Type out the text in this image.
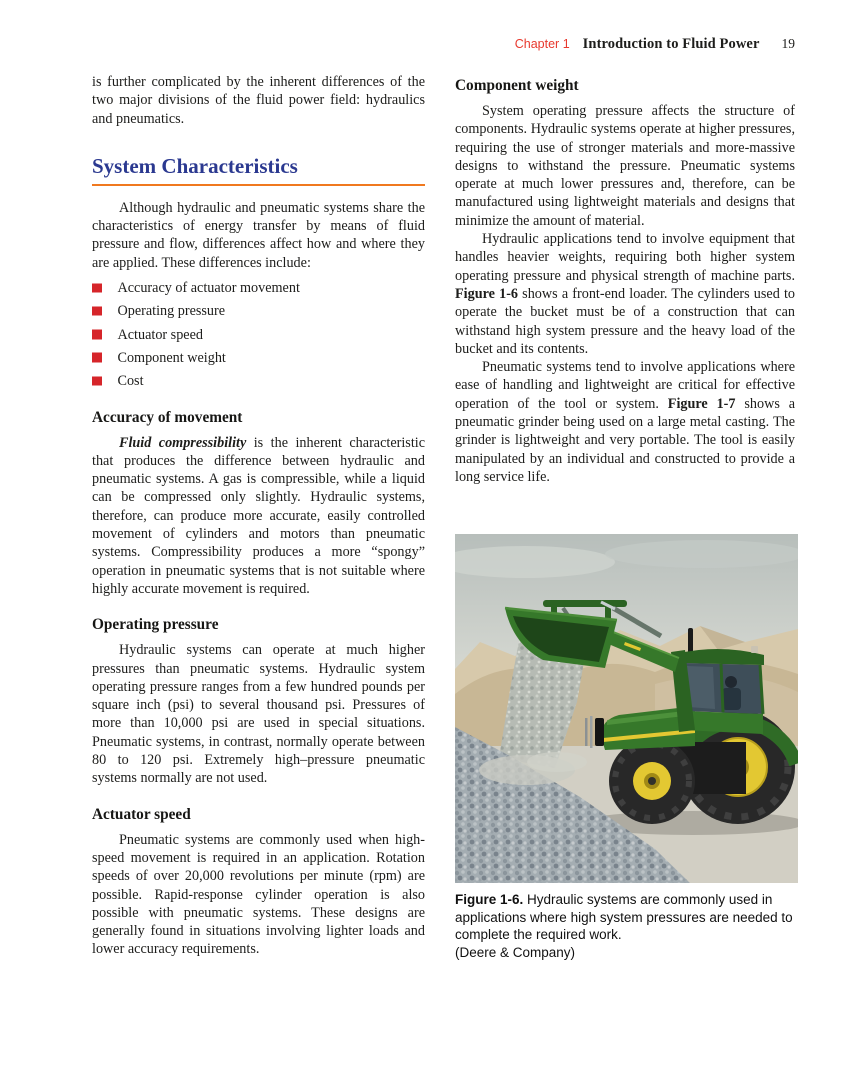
Chapter 1 Introduction to Fluid Power 19

is further complicated by the inherent differences of the two major divisions of the fluid power field: hydraulics and pneumatics.

System Characteristics

Although hydraulic and pneumatic systems share the characteristics of energy transfer by means of fluid pressure and flow, differences affect how and where they are applied. These differences include:

Accuracy of actuator movement
Operating pressure
Actuator speed
Component weight
Cost
Accuracy of movement

Fluid compressibility is the inherent characteristic that produces the difference between hydraulic and pneumatic systems. A gas is compressible, while a liquid can be compressed only slightly. Hydraulic systems, therefore, can produce more accurate, easily controlled movement of cylinders and motors than pneumatic systems. Compressibility produces a more “spongy” operation in pneumatic systems that is not suitable where highly accurate movement is required.

Operating pressure

Hydraulic systems can operate at much higher pressures than pneumatic systems. Hydraulic system operating pressure ranges from a few hundred pounds per square inch (psi) to several thousand psi. Pressures of more than 10,000 psi are used in special situations. Pneumatic systems, in contrast, normally operate between 80 to 120 psi. Extremely high–pressure pneumatic systems normally are not used.

Actuator speed

Pneumatic systems are commonly used when high-speed movement is required in an application. Rotation speeds of over 20,000 revolutions per minute (rpm) are possible. Rapid-response cylinder operation is also possible with pneumatic systems. These designs are generally found in situations involving lighter loads and lower accuracy requirements.

Component weight

System operating pressure affects the structure of components. Hydraulic systems operate at higher pressures, requiring the use of stronger materials and more-massive designs to withstand the pressure. Pneumatic systems operate at much lower pressures and, therefore, can be manufactured using lightweight materials and designs that minimize the amount of material.

Hydraulic applications tend to involve equipment that handles heavier weights, requiring both higher system operating pressure and physical strength of machine parts. Figure 1-6 shows a front-end loader. The cylinders used to operate the bucket must be of a construction that can withstand high system pressure and the heavy load of the bucket and its contents.

Pneumatic systems tend to involve applications where ease of handling and lightweight are critical for effective operation of the tool or system. Figure 1-7 shows a pneumatic grinder being used on a large metal casting. The grinder is lightweight and very portable. The tool is easily manipulated by an individual and constructed to provide a long service life.

Figure 1-6. Hydraulic systems are commonly used in applications where high system pressures are needed to complete the required work.
(Deere & Company)
